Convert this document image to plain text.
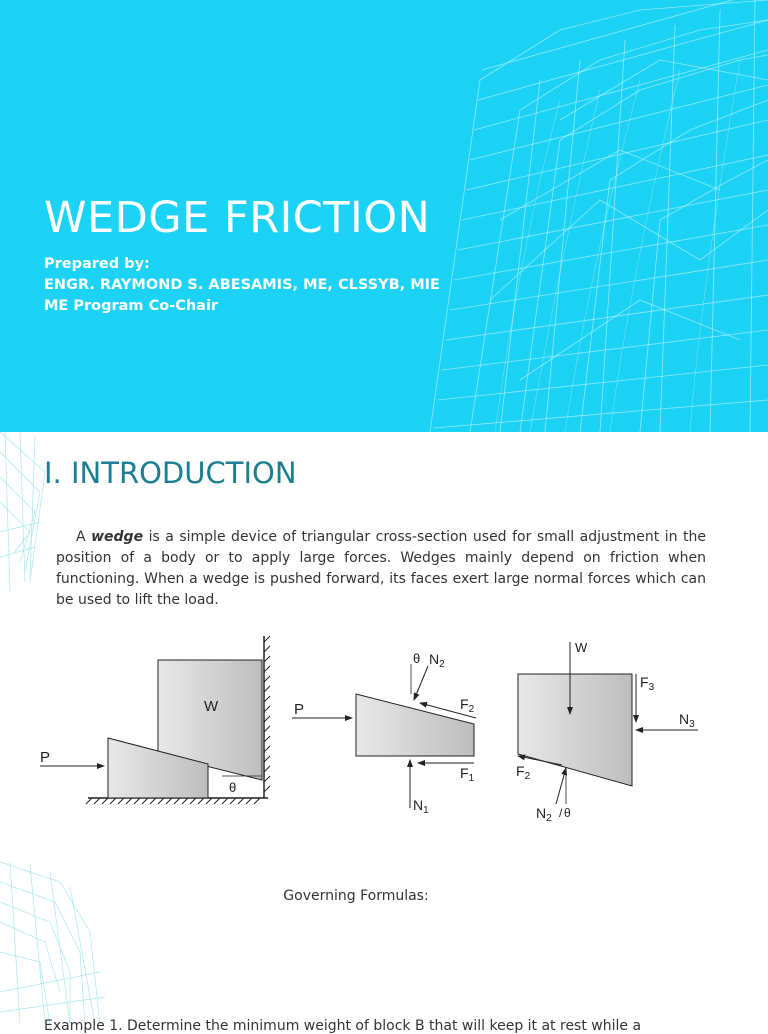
WEDGE FRICTION
Prepared by:
ENGR. RAYMOND S. ABESAMIS, ME, CLSSYB, MIE
ME Program Co-Chair
I. INTRODUCTION
A wedge is a simple device of triangular cross-section used for small adjustment in the position of a body or to apply large forces. Wedges mainly depend on friction when functioning. When a wedge is pushed forward, its faces exert large normal forces which can be used to lift the load.
W
P
θ
P
θ $N_2$
$F_2$
$F_1$
$N_1$
W
$F_3$
$N_3$
$F_2$
$N_2$ / θ
Governing Formulas:
Example 1. Determine the minimum weight of block B that will keep it at rest while a
